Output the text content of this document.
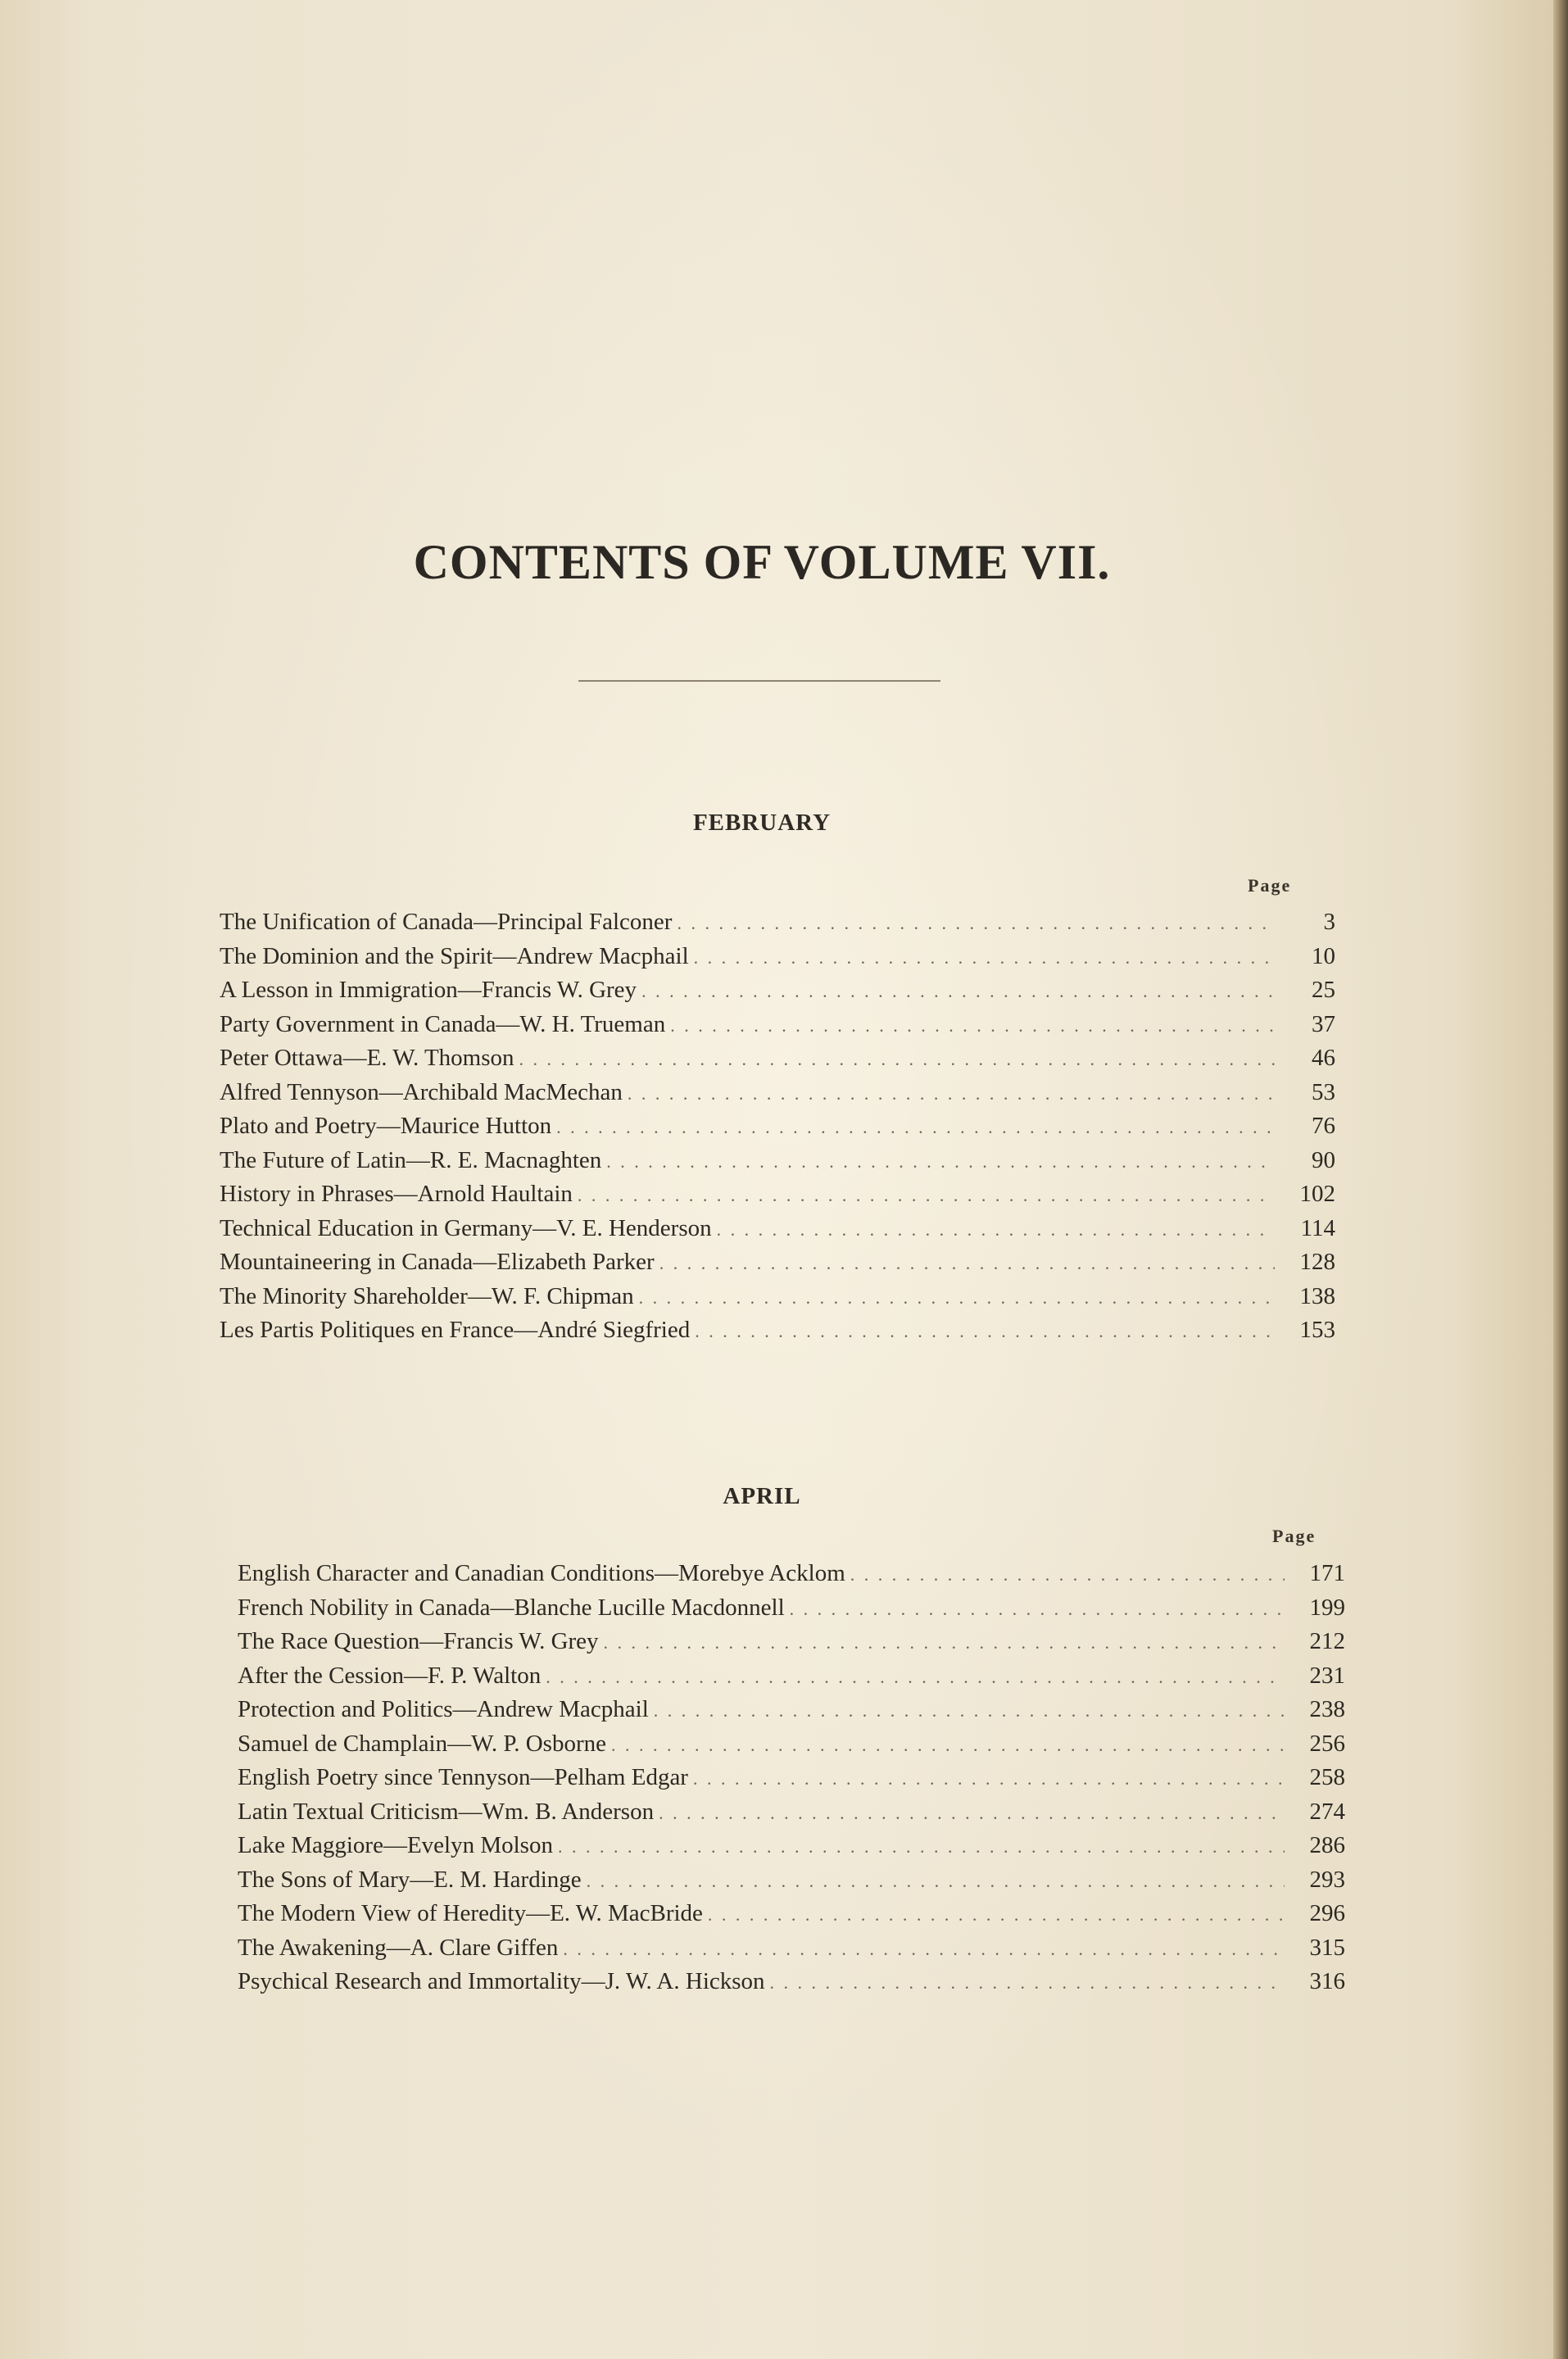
CONTENTS OF VOLUME VII.
FEBRUARY
Page
The Unification of Canada—Principal Falconer . . .	3
The Dominion and the Spirit—Andrew Macphail . . .	10
A Lesson in Immigration—Francis W. Grey . . .	25
Party Government in Canada—W. H. Trueman . . .	37
Peter Ottawa—E. W. Thomson . . .	46
Alfred Tennyson—Archibald MacMechan . . .	53
Plato and Poetry—Maurice Hutton . . .	76
The Future of Latin—R. E. Macnaghten . . .	90
History in Phrases—Arnold Haultain . . .	102
Technical Education in Germany—V. E. Henderson . . .	114
Mountaineering in Canada—Elizabeth Parker . . .	128
The Minority Shareholder—W. F. Chipman . . .	138
Les Partis Politiques en France—André Siegfried . . .	153
APRIL
Page
English Character and Canadian Conditions—Morebye Acklom . . .	171
French Nobility in Canada—Blanche Lucille Macdonnell . . .	199
The Race Question—Francis W. Grey . . .	212
After the Cession—F. P. Walton . . .	231
Protection and Politics—Andrew Macphail . . .	238
Samuel de Champlain—W. P. Osborne . . .	256
English Poetry since Tennyson—Pelham Edgar . . .	258
Latin Textual Criticism—Wm. B. Anderson . . .	274
Lake Maggiore—Evelyn Molson . . .	286
The Sons of Mary—E. M. Hardinge . . .	293
The Modern View of Heredity—E. W. MacBride . . .	296
The Awakening—A. Clare Giffen . . .	315
Psychical Research and Immortality—J. W. A. Hickson . . .	316
